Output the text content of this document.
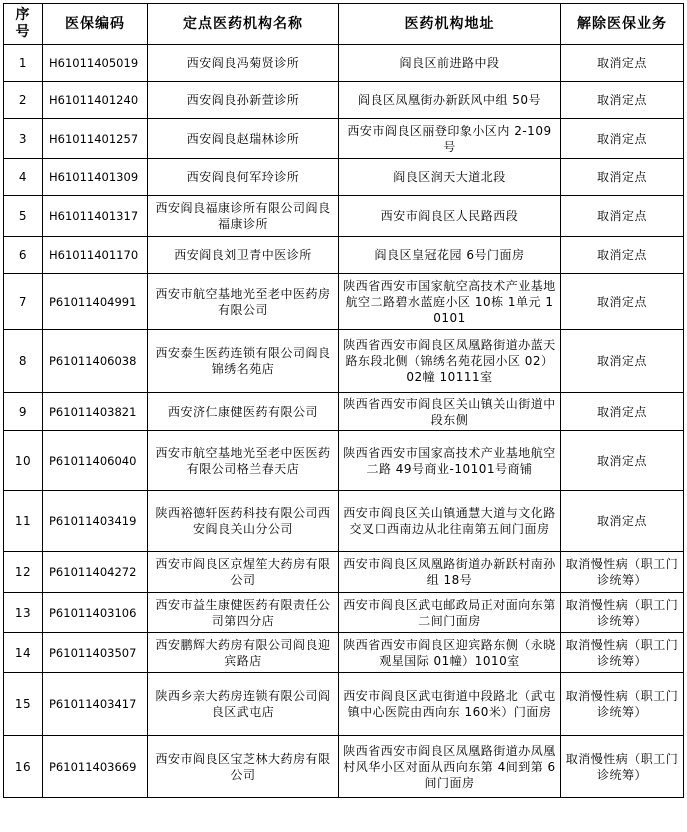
序
号	医保编码	定点医药机构名称	医药机构地址	解除医保业务
1	H61011405019	西安阎良冯菊贤诊所	阎良区前进路中段	取消定点
2	H61011401240	西安阎良孙新萱诊所	阎良区凤凰街办新跃风中组 50号	取消定点
3	H61011401257	西安阎良赵瑞林诊所	西安市阎良区丽登印象小区内 2-109号	取消定点
4	H61011401309	西安阎良何军玲诊所	阎良区润天大道北段	取消定点
5	H61011401317	西安阎良福康诊所有限公司阎良福康诊所	西安市阎良区人民路西段	取消定点
6	H61011401170	西安阎良刘卫青中医诊所	阎良区皇冠花园 6号门面房	取消定点
7	P61011404991	西安市航空基地光至老中医药房有限公司	陕西省西安市国家航空高技术产业基地航空二路碧水蓝庭小区 10栋 1单元 10101	取消定点
8	P61011406038	西安泰生医药连锁有限公司阎良锦绣名苑店	陕西省西安市阎良区凤凰路街道办蓝天路东段北侧（锦绣名苑花园小区 02）02幢 10111室	取消定点
9	P61011403821	西安济仁康健医药有限公司	陕西省西安市阎良区关山镇关山街道中段东侧	取消定点
10	P61011406040	西安市航空基地光至老中医医药有限公司格兰春天店	陕西省西安市国家高技术产业基地航空二路 49号商业-10101号商铺	取消定点
11	P61011403419	陕西裕德轩医药科技有限公司西安阎良关山分公司	西安市阎良区关山镇通慧大道与文化路交叉口西南边从北往南第五间门面房	取消定点
12	P61011404272	西安市阎良区京煋笙大药房有限公司	西安市阎良区凤凰路街道办新跃村南孙组 18号	取消慢性病（职工门诊统筹）
13	P61011403106	西安市益生康健医药有限责任公司第四分店	西安市阎良区武屯邮政局正对面向东第二间门面房	取消慢性病（职工门诊统筹）
14	P61011403507	西安鹏辉大药房有限公司阎良迎宾路店	陕西省西安市阎良区迎宾路东侧（永晓观星国际 01幢）1010室	取消慢性病（职工门诊统筹）
15	P61011403417	陕西乡亲大药房连锁有限公司阎良区武屯店	西安市阎良区武屯街道中段路北（武屯镇中心医院由西向东 160米）门面房	取消慢性病（职工门诊统筹）
16	P61011403669	西安市阎良区宝芝林大药房有限公司	陕西省西安市阎良区凤凰路街道办凤凰村风华小区对面从西向东第 4间到第 6间门面房	取消慢性病（职工门诊统筹）
